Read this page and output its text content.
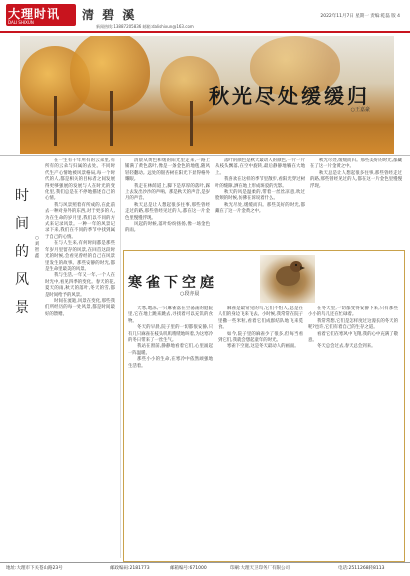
大理时讯
DALI SHIXUN
清 碧 溪
新闻热线:13887205836 邮箱:dalishixun@163.com
2022年11月7日 星期一 责编:乾磊 版 4
秋光尽处缓缓归
○王嘉豪
时
间
的
风
景
○刘智鑫

在一生有千年所有的云朵里,有所有的云朵与归属的去处。不同时代生产心情地被风景格局,每一个时代的人,都是相关的目标者之间发展得更够强展的发展与人在时光的变化里,我们总是在不停地描述自己的心情。

我与风景照着有所成的,在此前去一种对身外的东西,对于更多的人,为在生命的岁月里,我们以不同的方式来记录风景。一种一年的风景记录下来,我们在不同的季节中找到属于自己的心情。

在与人生来,有何时间都是那些年岁月里留存的风景,在回首这段时光的时候,会看见曾经的自己在风景里发生的故事。那些安静的时光,都是生命里最美的风景。

我与生活,一年又一年,一个人在时光中,看见四季的变化。春天的花,夏天的雨,秋天的落叶,冬天的雪,都是时间给予的风景。

时间在流逝,风景在变化,那些我们所经历的每一处风景,都是时间最好的馈赠。

清晨从黄色和缓的阳光里走来,一路上铺满了黄色落叶,像是一条金色的地毯,随风轻轻翻动。远处的银杏树在阳光下显得格外耀眼。

我走在林荫道上,脚下是厚厚的落叶,踩上去发出沙沙的声响。那是秋天的声音,是岁月的声音。

秋天总是让人想起很多往事,那些曾经走过的路,那些曾经见过的人,都在这一片金色里慢慢浮现。

风起的时候,落叶纷纷扬扬,像一场金色的雨。

落叶的颜色是秋天最动人的颜色,一片一片从枝头飘落,在空中旋转,最后静静地躺在大地上。

我喜欢在这样的季节里散步,看阳光穿过树叶的缝隙,洒在地上形成斑驳的光影。

秋天的风是温柔的,带着一丝丝凉意,吹过脸颊的时候,仿佛在诉说着什么。

秋光尽处,缓缓而归。那些美好的时光,都藏在了这一片金黄之中。

秋光尽处,缓缓而归。那些美好的时光,都藏在了这一片金黄之中。

秋天总是让人想起很多往事,那些曾经走过的路,那些曾经见过的人,都在这一片金色里慢慢浮现。

寒雀下空庭
○段亦晨

天寒,地冻,一只麻雀落在空荡荡的庭院里,它在地上跳来跳去,寻找着可以充饥的食物。

冬天的早晨,院子里的一切都很安静,只有几只麻雀在枝头叽叽喳喳地叫着,为这寒冷的冬日带来了一丝生气。

我站在窗前,静静地看着它们,心里涌起一阵温暖。

那些小小的生命,在寒冷中依然顽强地生活着。

麻雀是最常见的鸟,它们不怕人,总是在人们的身边飞来飞去。小时候,我常常在院子里撒一些米粒,看着它们成群结队地飞来觅食。

如今,院子里的麻雀少了很多,但每当看到它们,我就会想起童年的时光。

寒雀下空庭,这是冬天最动人的画面。

在冬天里,一切都变得安静下来,只有那些小小的鸟儿还在忙碌着。

我常常想,它们是怎样度过这漫长的冬天的呢?也许,它们有着自己的生存之道。

看着它们在寒风中飞翔,我的心中充满了敬意。

冬天总会过去,春天总会到来。

地址:大理市下关苍山路23号	邮政编码:2181773	邮箱编号:671000	印刷:大理天卫印务厂有限公司	电话:2511268转8113
